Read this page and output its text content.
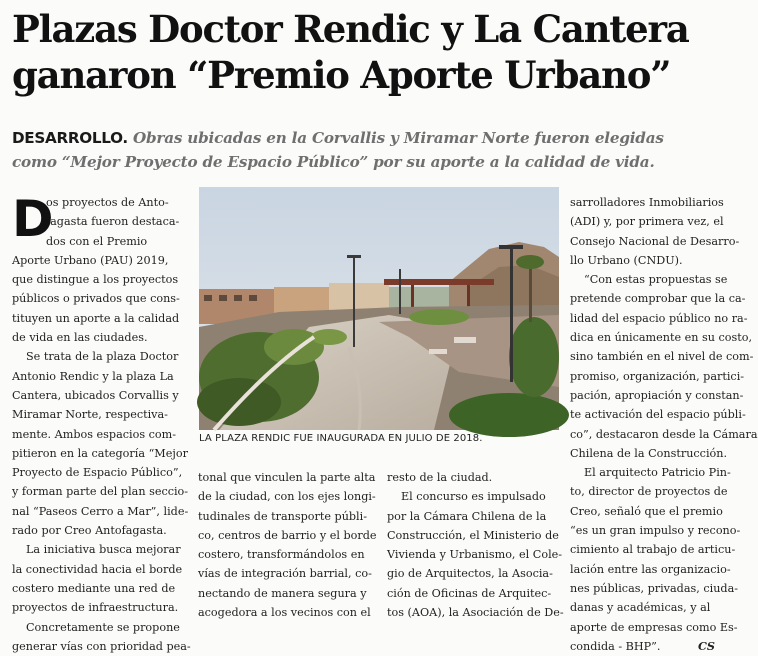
Plazas Doctor Rendic y La Cantera
ganaron “Premio Aporte Urbano”
DESARROLLO. Obras ubicadas en la Corvallis y Miramar Norte fueron elegidas
como “Mejor Proyecto de Espacio Público” por su aporte a la calidad de vida.
D
os proyectos de Anto-
fagasta fueron destaca-
dos con el Premio
Aporte Urbano (PAU) 2019,
que distingue a los proyectos
públicos o privados que cons-
tituyen un aporte a la calidad
de vida en las ciudades.
Se trata de la plaza Doctor
Antonio Rendic y la plaza La
Cantera, ubicados Corvallis y
Miramar Norte, respectiva-
mente. Ambos espacios com-
pitieron en la categoría “Mejor
Proyecto de Espacio Público”,
y forman parte del plan seccio-
nal “Paseos Cerro a Mar”, lide-
rado por Creo Antofagasta.
La iniciativa busca mejorar
la conectividad hacia el borde
costero mediante una red de
proyectos de infraestructura.
Concretamente se propone
generar vías con prioridad pea-
LA PLAZA RENDIC FUE INAUGURADA EN JULIO DE 2018.
tonal que vinculen la parte alta
de la ciudad, con los ejes longi-
tudinales de transporte públi-
co, centros de barrio y el borde
costero, transformándolos en
vías de integración barrial, co-
nectando de manera segura y
acogedora a los vecinos con el
resto de la ciudad.
El concurso es impulsado
por la Cámara Chilena de la
Construcción, el Ministerio de
Vivienda y Urbanismo, el Cole-
gio de Arquitectos, la Asocia-
ción de Oficinas de Arquitec-
tos (AOA), la Asociación de De-
sarrolladores Inmobiliarios
(ADI) y, por primera vez, el
Consejo Nacional de Desarro-
llo Urbano (CNDU).
“Con estas propuestas se
pretende comprobar que la ca-
lidad del espacio público no ra-
dica en únicamente en su costo,
sino también en el nivel de com-
promiso, organización, partici-
pación, apropiación y constan-
te activación del espacio públi-
co”, destacaron desde la Cámara
Chilena de la Construcción.
El arquitecto Patricio Pin-
to, director de proyectos de
Creo, señaló que el premio
“es un gran impulso y recono-
cimiento al trabajo de articu-
lación entre las organizacio-
nes públicas, privadas, ciuda-
danas y académicas, y al
aporte de empresas como Es-
condida - BHP”.	CS
